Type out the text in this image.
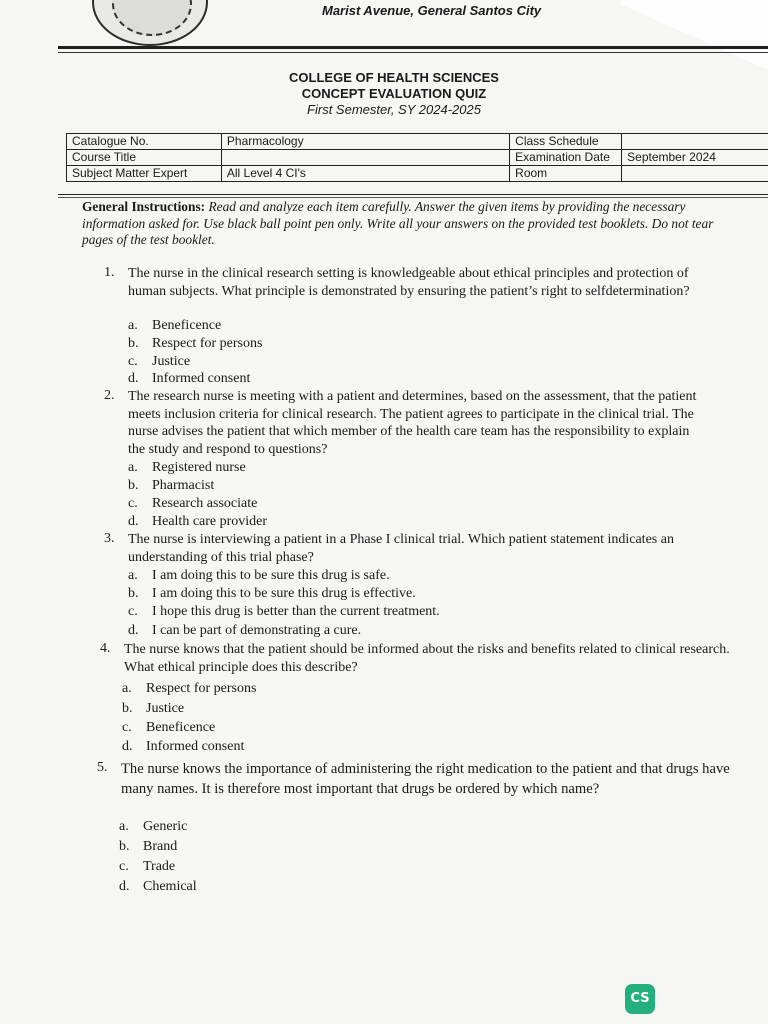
Marist Avenue, General Santos City
COLLEGE OF HEALTH SCIENCES
CONCEPT EVALUATION QUIZ
First Semester, SY 2024-2025
Catalogue No.	Pharmacology	Class Schedule	
Course Title		Examination Date	September 2024
Subject Matter Expert	All Level 4 CI's	Room	
General Instructions: Read and analyze each item carefully. Answer the given items by providing the necessary information asked for. Use black ball point pen only. Write all your answers on the provided test booklets. Do not tear pages of the test booklet.
1. The nurse in the clinical research setting is knowledgeable about ethical principles and protection of human subjects. What principle is demonstrated by ensuring the patient’s right to selfdetermination?
a. Beneficence
b. Respect for persons
c. Justice
d. Informed consent
2. The research nurse is meeting with a patient and determines, based on the assessment, that the patient meets inclusion criteria for clinical research. The patient agrees to participate in the clinical trial. The nurse advises the patient that which member of the health care team has the responsibility to explain the study and respond to questions?
a. Registered nurse
b. Pharmacist
c. Research associate
d. Health care provider
3. The nurse is interviewing a patient in a Phase I clinical trial. Which patient statement indicates an understanding of this trial phase?
a. I am doing this to be sure this drug is safe.
b. I am doing this to be sure this drug is effective.
c. I hope this drug is better than the current treatment.
d. I can be part of demonstrating a cure.
4. The nurse knows that the patient should be informed about the risks and benefits related to clinical research. What ethical principle does this describe?
a. Respect for persons
b. Justice
c. Beneficence
d. Informed consent
5. The nurse knows the importance of administering the right medication to the patient and that drugs have many names. It is therefore most important that drugs be ordered by which name?
a. Generic
b. Brand
c. Trade
d. Chemical
CS
